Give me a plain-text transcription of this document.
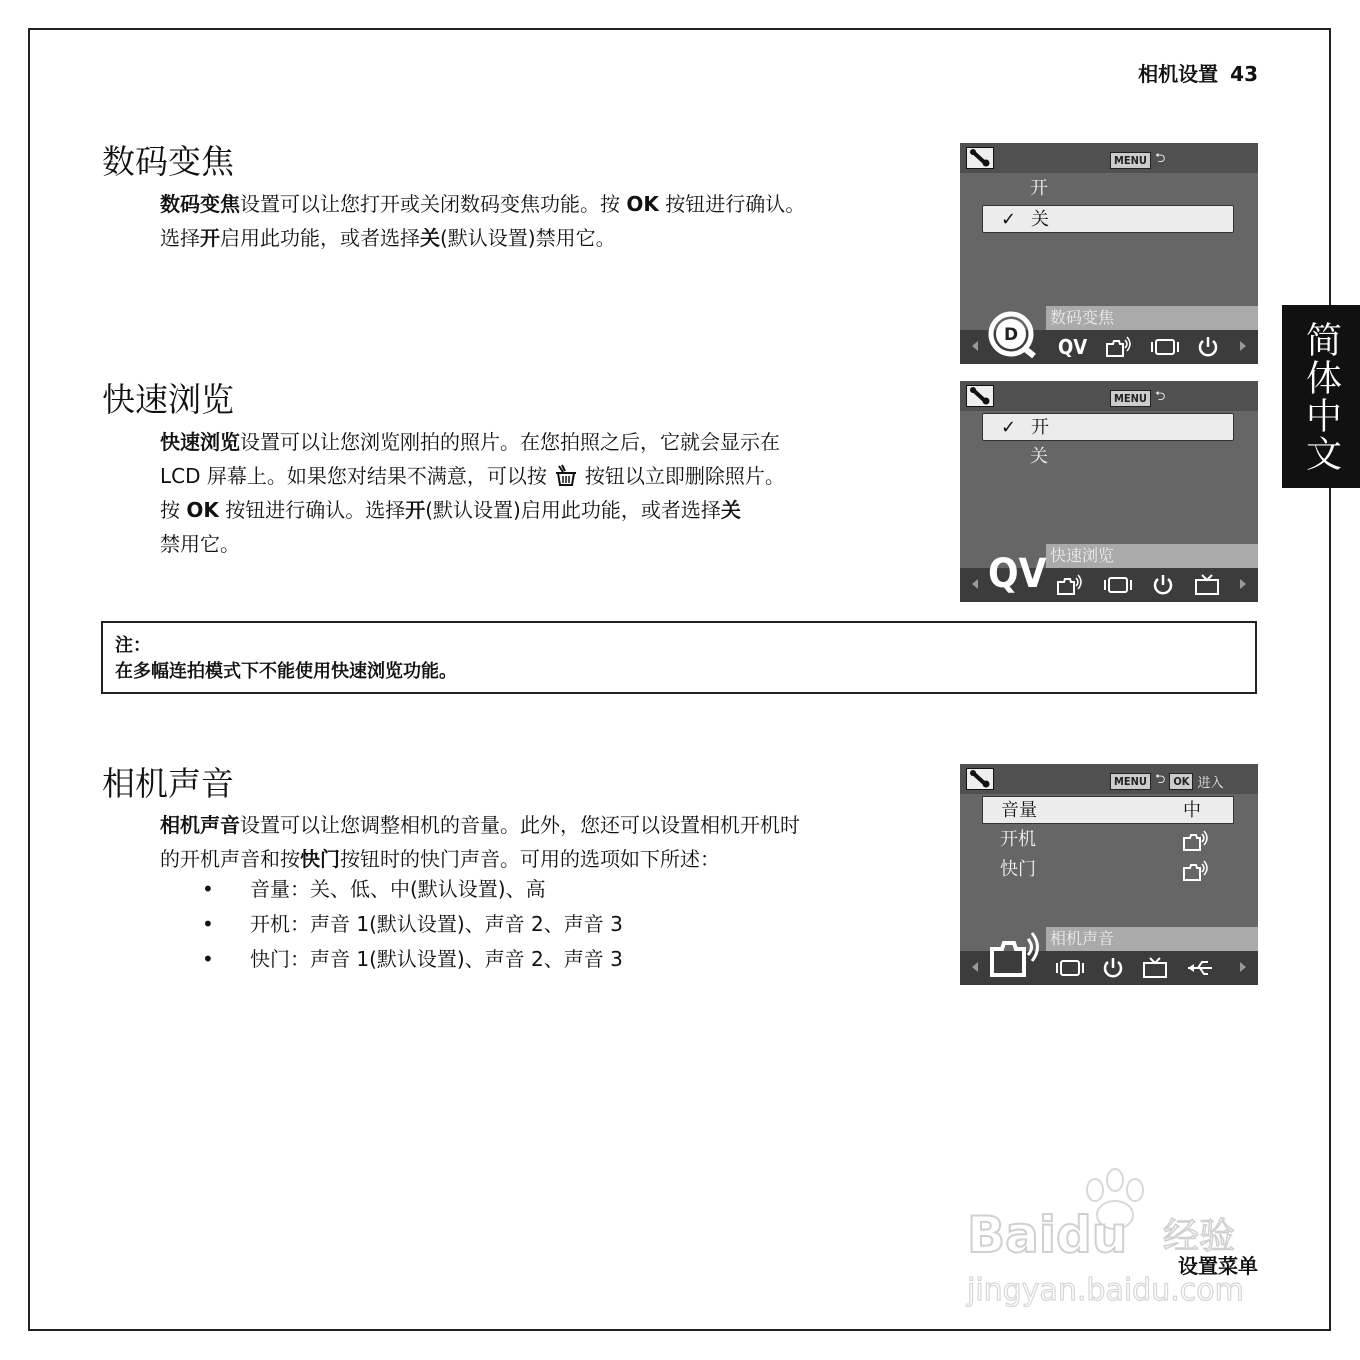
相机设置 43
数码变焦

数码变焦设置可以让您打开或关闭数码变焦功能。按 OK 按钮进行确认。
选择开启用此功能，或者选择关(默认设置)禁用它。

快速浏览

快速浏览设置可以让您浏览刚拍的照片。在您拍照之后，它就会显示在
LCD 屏幕上。如果您对结果不满意，可以按 按钮以立即删除照片。
按 OK 按钮进行确认。选择开(默认设置)启用此功能，或者选择关
禁用它。

注：
在多幅连拍模式下不能使用快速浏览功能。
相机声音

相机声音设置可以让您调整相机的音量。此外，您还可以设置相机开机时
的开机声音和按快门按钮时的快门声音。可用的选项如下所述：

• 音量：关、低、中(默认设置)、高
• 开机：声音 1(默认设置)、声音 2、声音 3
• 快门：声音 1(默认设置)、声音 2、声音 3
简体中文
MENU ⮌
开
✓ 关
数码变焦
D QV
MENU ⮌
✓ 开
关
快速浏览
QV
MENU ⮌ OK 进入
音量	中
开机
快门
相机声音
Baidu 经验
jingyan.baidu.com
设置菜单
